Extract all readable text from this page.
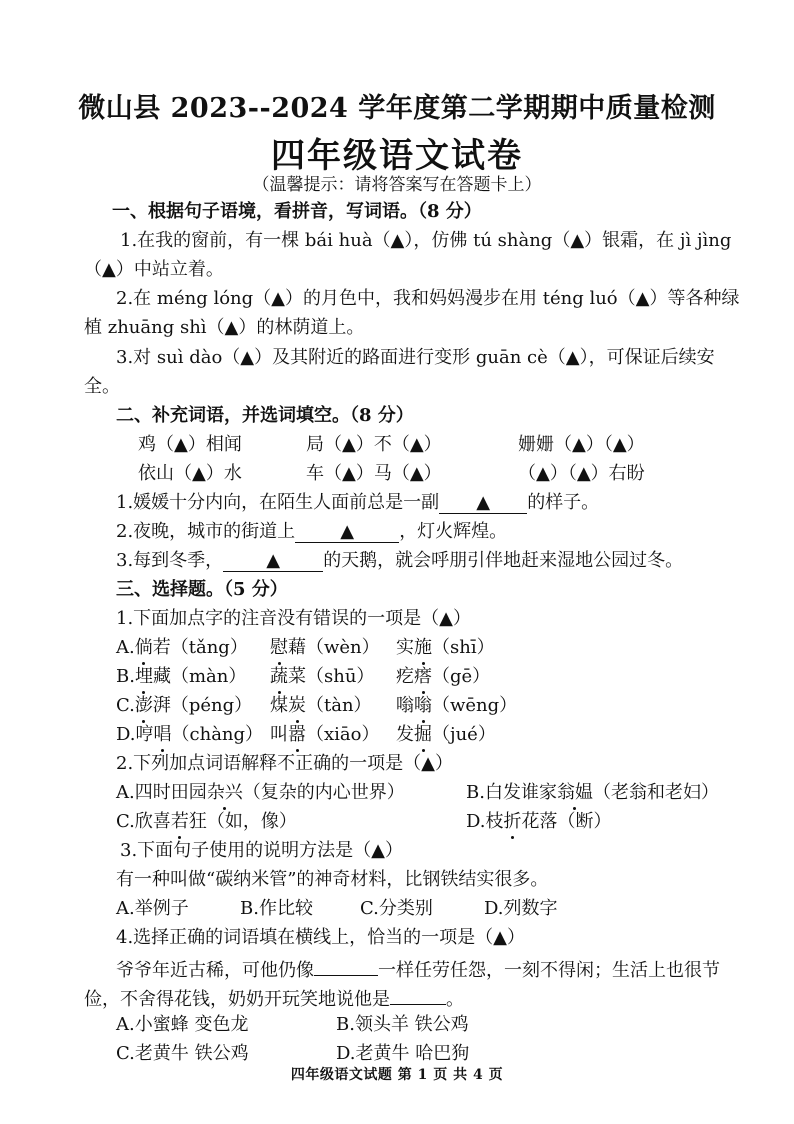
微山县 2023--2024 学年度第二学期期中质量检测
四年级语文试卷
（温馨提示：请将答案写在答题卡上）
一、根据句子语境，看拼音，写词语。（8 分）
1.在我的窗前，有一棵 bái huà（▲），仿佛 tú shàng（▲）银霜，在 jì jìng
（▲）中站立着。
2.在 méng lóng（▲）的月色中，我和妈妈漫步在用 téng luó（▲）等各种绿
植 zhuāng shì（▲）的林荫道上。
3.对 suì dào（▲）及其附近的路面进行变形 guān cè（▲），可保证后续安
全。
二、补充词语，并选词填空。（8 分）
鸡（▲）相闻	局（▲）不（▲）	姗姗（▲）（▲）
依山（▲）水	车（▲）马（▲）	（▲）（▲）右盼
1.媛媛十分内向，在陌生人面前总是一副 ▲ 的样子。
2.夜晚，城市的街道上	▲	，灯火辉煌。
3.每到冬季， ▲ 的天鹅，就会呼朋引伴地赶来湿地公园过冬。
三、选择题。（5 分）
1.下面加点字的注音没有错误的一项是（▲）
A.倘若（tǎng） 慰藉（wèn） 实施（shī）
B.埋藏（màn） 蔬菜（shū） 疙瘩（gē）
C.澎湃（péng） 煤炭（tàn） 嗡嗡（wēng）
D.哼唱（chàng） 叫嚣（xiāo） 发掘（jué）
2.下列加点词语解释不正确的一项是（▲）
A.四时田园杂兴（复杂的内心世界）	B.白发谁家翁媪（老翁和老妇）
C.欣喜若狂（如，像）	D.枝折花落（断）
3.下面句子使用的说明方法是（▲）
有一种叫做“碳纳米管”的神奇材料，比钢铁结实很多。
A.举例子	B.作比较	C.分类别	D.列数字
4.选择正确的词语填在横线上，恰当的一项是（▲）
爷爷年近古稀，可他仍像	一样任劳任怨，一刻不得闲；生活上也很节
俭，不舍得花钱，奶奶开玩笑地说他是	。
A.小蜜蜂 变色龙	B.领头羊 铁公鸡
C.老黄牛 铁公鸡	D.老黄牛 哈巴狗
四年级语文试题 第 1 页 共 4 页
